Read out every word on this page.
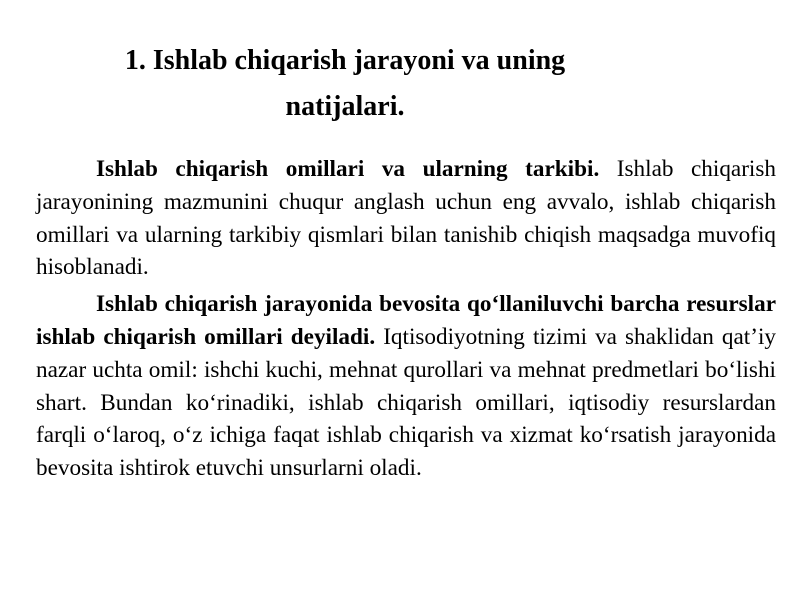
1. Ishlab chiqarish jarayoni va uning
natijalari.

Ishlab chiqarish omillari va ularning tarkibi. Ishlab chiqarish jarayonining mazmunini chuqur anglash uchun eng avvalo, ishlab chiqarish omillari va ularning tarkibiy qismlari bilan tanishib chiqish maqsadga muvofiq hisoblanadi.

Ishlab chiqarish jarayonida bevosita qo‘llaniluvchi barcha resurslar ishlab chiqarish omillari deyiladi. Iqtisodiyotning tizimi va shaklidan qat’iy nazar uchta omil: ishchi kuchi, mehnat qurollari va mehnat predmetlari bo‘lishi shart. Bundan ko‘rinadiki, ishlab chiqarish omillari, iqtisodiy resurslardan farqli o‘laroq, o‘z ichiga faqat ishlab chiqarish va xizmat ko‘rsatish jarayonida bevosita ishtirok etuvchi unsurlarni oladi.
